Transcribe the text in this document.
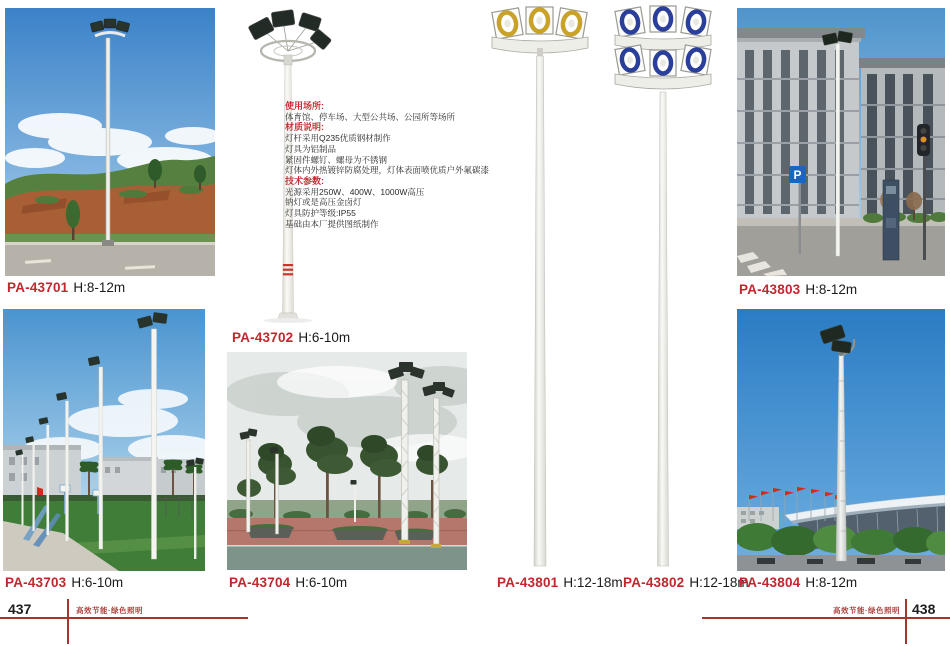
PA-43701 H:8-12m
PA-43702 H:6-10m
使用场所:
体育馆、停车场、大型公共场、公园所等场所
材质说明:
灯杆采用Q235优质钢材制作
灯具为铝制品
紧固件螺钉、螺母为不锈钢
灯体内外热镀锌防腐处理，灯体表面喷优质户外氟碳漆
技术参数:
光源采用250W、400W、1000W高压
钠灯或是高压金卤灯
灯具防护等级:IP55
基础由本厂提供图纸制作
PA-43801 H:12-18m PA-43802 H:12-18m
P
PA-43803 H:8-12m
PA-43703 H:6-10m	PA-43704 H:6-10m	PA-43804 H:8-12m
437	高效节能·绿色照明	高效节能·绿色照明 438
